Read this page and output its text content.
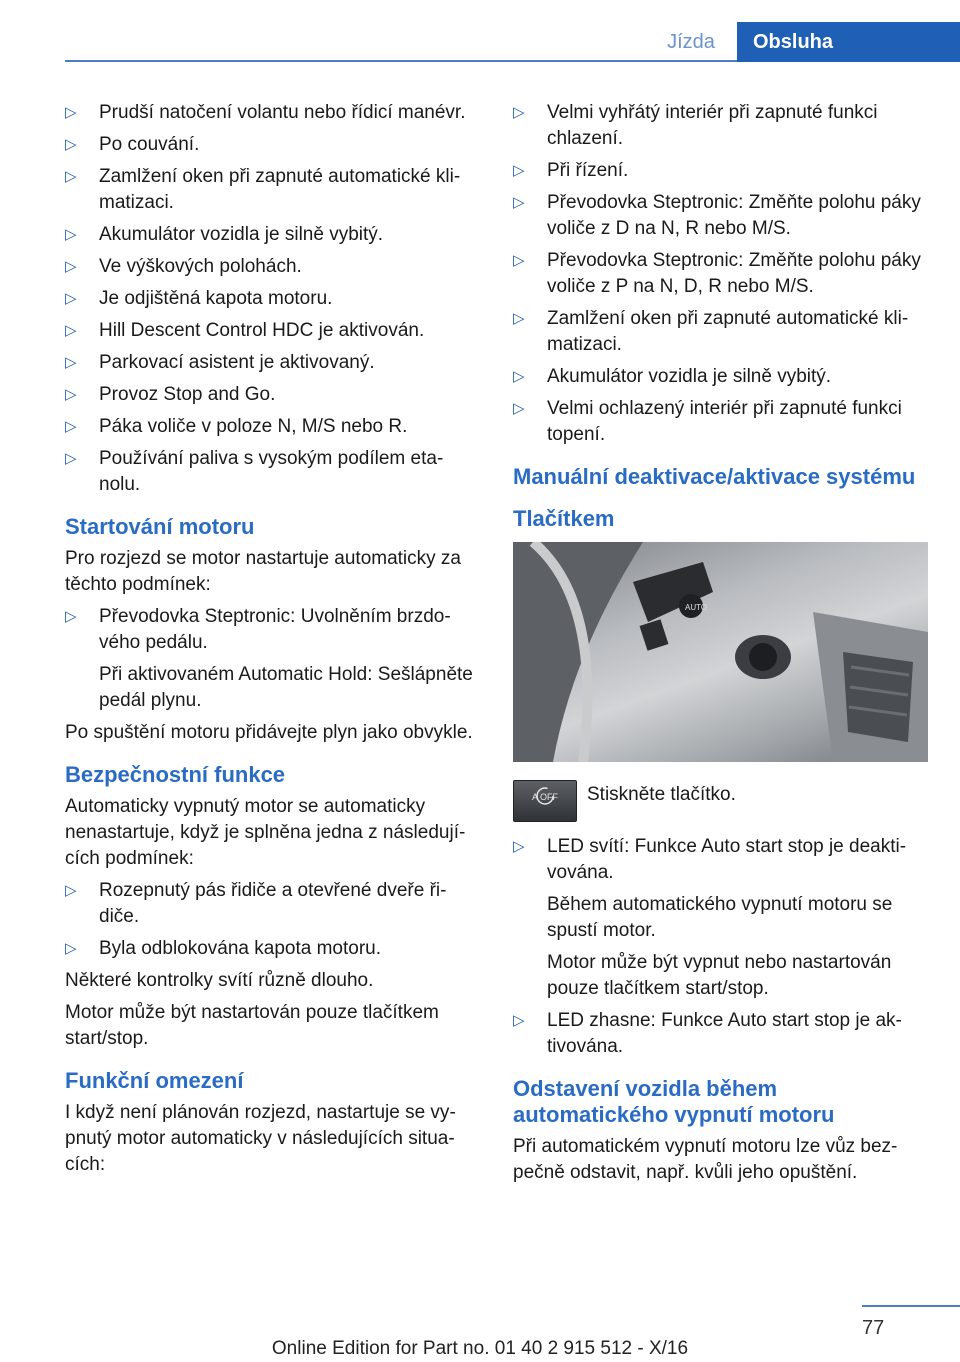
Jízda	Obsluha
▷ Prudší natočení volantu nebo řídicí manévr.
▷ Po couvání.
▷ Zamlžení oken při zapnuté automatické klimatizaci.
▷ Akumulátor vozidla je silně vybitý.
▷ Ve výškových polohách.
▷ Je odjištěná kapota motoru.
▷ Hill Descent Control HDC je aktivován.
▷ Parkovací asistent je aktivovaný.
▷ Provoz Stop and Go.
▷ Páka voliče v poloze N, M/S nebo R.
▷ Používání paliva s vysokým podílem etanolu.
Startování motoru
Pro rozjezd se motor nastartuje automaticky za těchto podmínek:
▷ Převodovka Steptronic: Uvolněním brzdového pedálu.
Při aktivovaném Automatic Hold: Sešlápněte pedál plynu.
Po spuštění motoru přidávejte plyn jako obvykle.
Bezpečnostní funkce
Automaticky vypnutý motor se automaticky nenastartuje, když je splněna jedna z následujících podmínek:
▷ Rozepnutý pás řidiče a otevřené dveře řidiče.
▷ Byla odblokována kapota motoru.
Některé kontrolky svítí různě dlouho.
Motor může být nastartován pouze tlačítkem start/stop.
Funkční omezení
I když není plánován rozjezd, nastartuje se vypnutý motor automaticky v následujících situacích:
▷ Velmi vyhřátý interiér při zapnuté funkci chlazení.
▷ Při řízení.
▷ Převodovka Steptronic: Změňte polohu páky voliče z D na N, R nebo M/S.
▷ Převodovka Steptronic: Změňte polohu páky voliče z P na N, D, R nebo M/S.
▷ Zamlžení oken při zapnuté automatické klimatizaci.
▷ Akumulátor vozidla je silně vybitý.
▷ Velmi ochlazený interiér při zapnuté funkci topení.
Manuální deaktivace/aktivace systému
Tlačítkem
AUTO
A OFF Stiskněte tlačítko.
▷ LED svítí: Funkce Auto start stop je deaktivována.
Během automatického vypnutí motoru se spustí motor.
Motor může být vypnut nebo nastartován pouze tlačítkem start/stop.
▷ LED zhasne: Funkce Auto start stop je aktivována.
Odstavení vozidla během automatického vypnutí motoru
Při automatickém vypnutí motoru lze vůz bezpečně odstavit, např. kvůli jeho opuštění.
77
Online Edition for Part no. 01 40 2 915 512 - X/16
